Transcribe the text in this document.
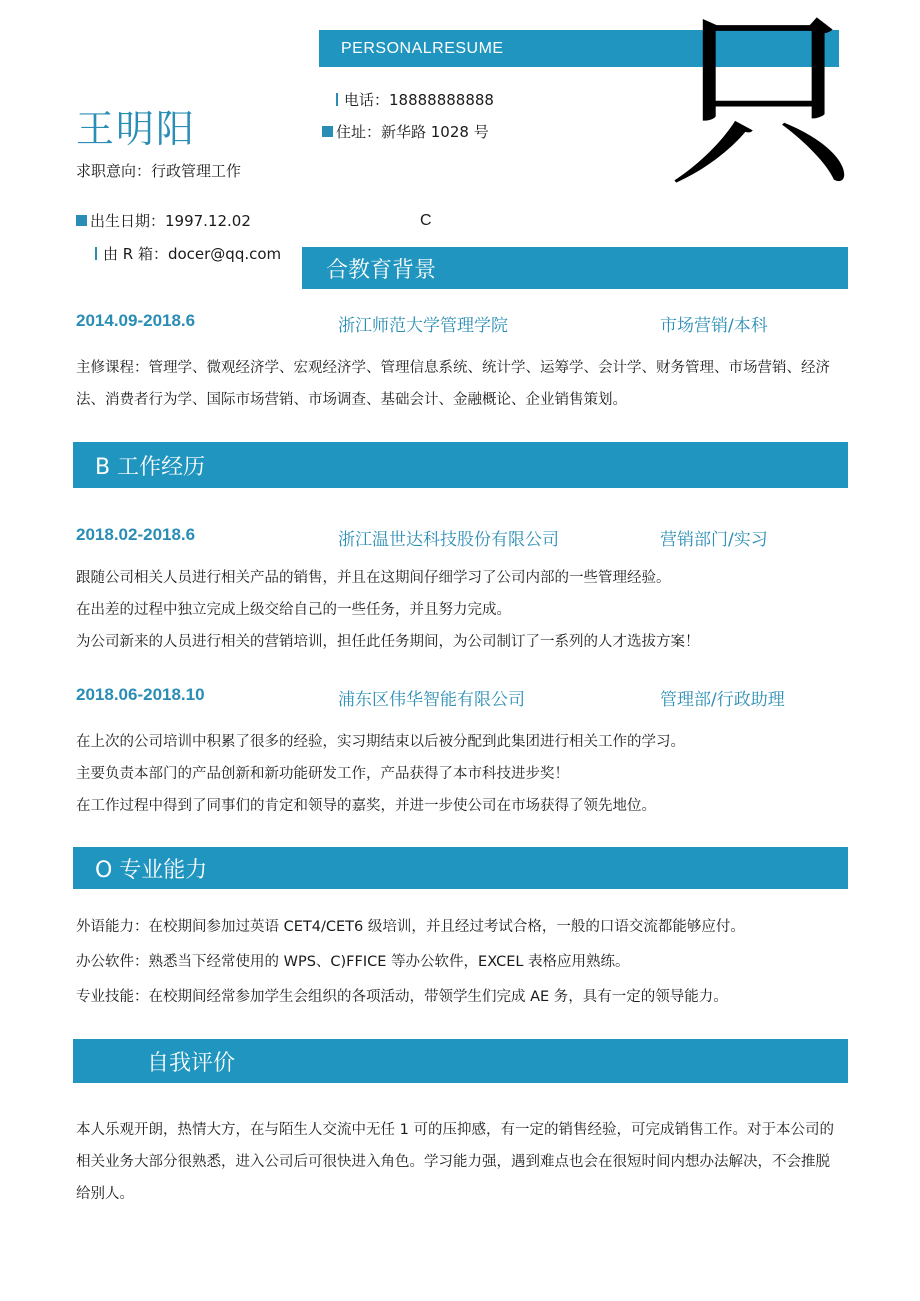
PERSONALRESUME 只
王明阳
求职意向：行政管理工作
电话：18888888888
住址：新华路 1028 号
出生日期：1997.12.02
由 R 箱：docer@qq.com
C
合教育背景
2014.09-2018.6	浙江师范大学管理学院	市场营销/本科

主修课程：管理学、微观经济学、宏观经济学、管理信息系统、统计学、运筹学、会计学、财务管理、市场营销、经济法、消费者行为学、国际市场营销、市场调查、基础会计、金融概论、企业销售策划。

B 工作经历
2018.02-2018.6	浙江温世达科技股份有限公司	营销部门/实习

跟随公司相关人员进行相关产品的销售，并且在这期间仔细学习了公司内部的一些管理经验。

在出差的过程中独立完成上级交给自己的一些任务，并且努力完成。

为公司新来的人员进行相关的营销培训，担任此任务期间，为公司制订了一系列的人才选拔方案！

2018.06-2018.10	浦东区伟华智能有限公司	管理部/行政助理

在上次的公司培训中积累了很多的经验，实习期结束以后被分配到此集团进行相关工作的学习。

主要负责本部门的产品创新和新功能研发工作，产品获得了本市科技进步奖！

在工作过程中得到了同事们的肯定和领导的嘉奖，并进一步使公司在市场获得了领先地位。

O 专业能力

外语能力：在校期间参加过英语 CET4/CET6 级培训，并且经过考试合格，一般的口语交流都能够应付。

办公软件：熟悉当下经常使用的 WPS、C)FFICE 等办公软件，EXCEL 表格应用熟练。

专业技能：在校期间经常参加学生会组织的各项活动，带领学生们完成 AE 务，具有一定的领导能力。

自我评价

本人乐观开朗，热情大方，在与陌生人交流中无任 1 可的压抑感，有一定的销售经验，可完成销售工作。对于本公司的相关业务大部分很熟悉，进入公司后可很快进入角色。学习能力强，遇到难点也会在很短时间内想办法解决，不会推脱给别人。
